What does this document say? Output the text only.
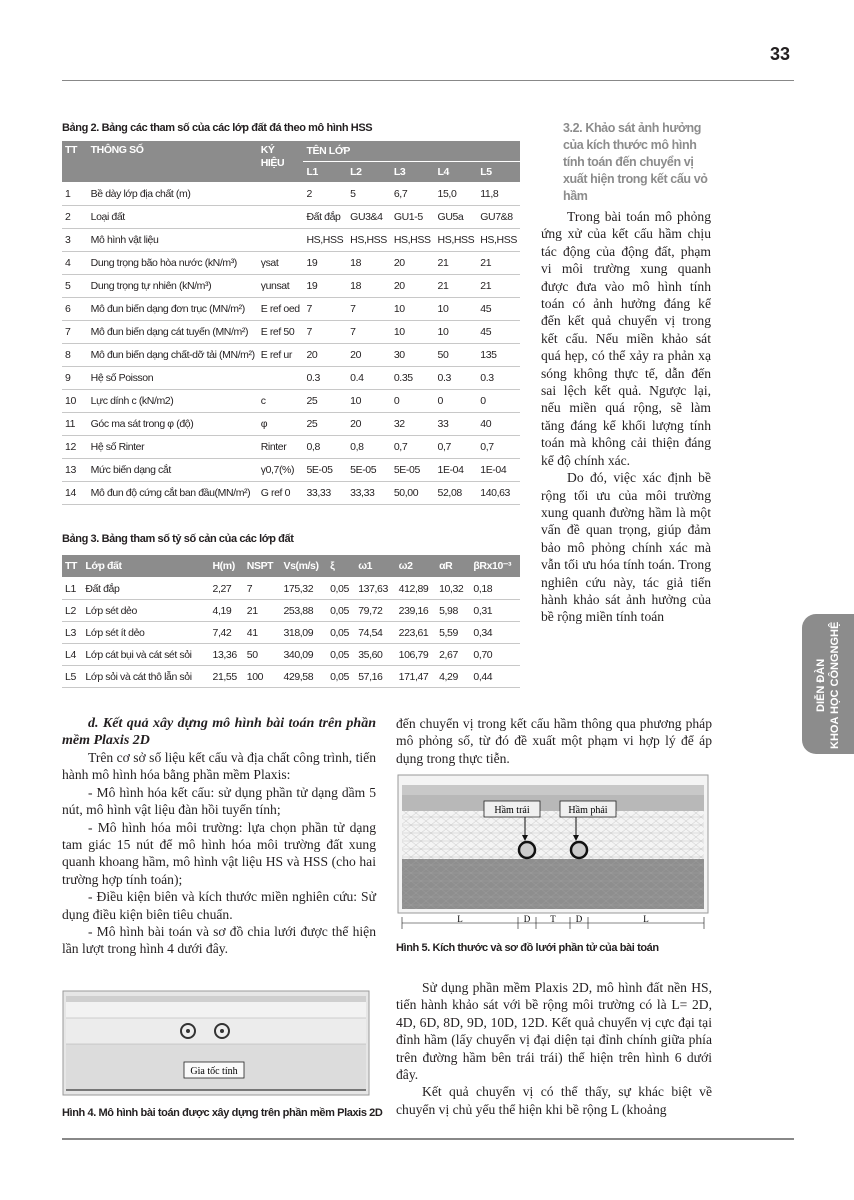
33
Bảng 2. Bảng các tham số của các lớp đất đá theo mô hình HSS
TT	THÔNG SỐ	KÝ HIỆU	TÊN LỚP				
			L1	L2	L3	L4	L5
1	Bề dày lớp địa chất (m)		2	5	6,7	15,0	11,8
2	Loại đất		Đất đắp	GU3&4	GU1-5	GU5a	GU7&8
3	Mô hình vật liệu		HS,HSS	HS,HSS	HS,HSS	HS,HSS	HS,HSS
4	Dung trọng bão hòa nước (kN/m³)	γsat	19	18	20	21	21
5	Dung trọng tự nhiên (kN/m³)	γunsat	19	18	20	21	21
6	Mô đun biến dạng đơn trục (MN/m²)	E ref oed	7	7	10	10	45
7	Mô đun biến dạng cát tuyến (MN/m²)	E ref 50	7	7	10	10	45
8	Mô đun biến dạng chất-dỡ tải (MN/m²)	E ref ur	20	20	30	50	135
9	Hệ số Poisson		0.3	0.4	0.35	0.3	0.3
10	Lực dính c (kN/m2)	c	25	10	0	0	0
11	Góc ma sát trong φ (độ)	φ	25	20	32	33	40
12	Hệ số Rinter	Rinter	0,8	0,8	0,7	0,7	0,7
13	Mức biến dạng cắt	γ0,7(%)	5E-05	5E-05	5E-05	1E-04	1E-04
14	Mô đun độ cứng cắt ban đầu(MN/m²)	G ref 0	33,33	33,33	50,00	52,08	140,63
Bảng 3. Bảng tham số tỷ số cản của các lớp đất
TT	Lớp đất	H(m)	NSPT	Vs(m/s)	ξ	ω1	ω2	αR	βRx10⁻³
L1	Đất đắp	2,27	7	175,32	0,05	137,63	412,89	10,32	0,18
L2	Lớp sét dẻo	4,19	21	253,88	0,05	79,72	239,16	5,98	0,31
L3	Lớp sét ít dẻo	7,42	41	318,09	0,05	74,54	223,61	5,59	0,34
L4	Lớp cát bụi và cát sét sỏi	13,36	50	340,09	0,05	35,60	106,79	2,67	0,70
L5	Lớp sỏi và cát thô lẫn sỏi	21,55	100	429,58	0,05	57,16	171,47	4,29	0,44
3.2. Khảo sát ảnh hưởng của kích thước mô hình tính toán đến chuyển vị xuất hiện trong kết cấu vỏ hầm

Trong bài toán mô phỏng ứng xử của kết cấu hầm chịu tác động của động đất, phạm vi môi trường xung quanh được đưa vào mô hình tính toán có ảnh hưởng đáng kể đến kết quả chuyển vị trong kết cấu. Nếu miền khảo sát quá hẹp, có thể xảy ra phản xạ sóng không thực tế, dẫn đến sai lệch kết quả. Ngược lại, nếu miền quá rộng, sẽ làm tăng đáng kể khối lượng tính toán mà không cải thiện đáng kể độ chính xác.

Do đó, việc xác định bề rộng tối ưu của môi trường xung quanh đường hầm là một vấn đề quan trọng, giúp đảm bảo mô phỏng chính xác mà vẫn tối ưu hóa tính toán. Trong nghiên cứu này, tác giả tiến hành khảo sát ảnh hưởng của bề rộng miền tính toán

đến chuyển vị trong kết cấu hầm thông qua phương pháp mô phỏng số, từ đó đề xuất một phạm vi hợp lý để áp dụng trong thực tiễn.

d. Kết quả xây dựng mô hình bài toán trên phần mềm Plaxis 2D

Trên cơ sở số liệu kết cấu và địa chất công trình, tiến hành mô hình hóa bằng phần mềm Plaxis:

- Mô hình hóa kết cấu: sử dụng phần tử dạng dầm 5 nút, mô hình vật liệu đàn hồi tuyến tính;

- Mô hình hóa môi trường: lựa chọn phần tử dạng tam giác 15 nút để mô hình hóa môi trường đất xung quanh khoang hầm, mô hình vật liệu HS và HSS (cho hai trường hợp tính toán);

- Điều kiện biên và kích thước miền nghiên cứu: Sử dụng điều kiện biên tiêu chuẩn.

- Mô hình bài toán và sơ đồ chia lưới được thể hiện lần lượt trong hình 4 dưới đây.

Hầm trái	Hầm phải
L	D T D	L
Hình 5. Kích thước và sơ đồ lưới phần tử của bài toán

Sử dụng phần mềm Plaxis 2D, mô hình đất nền HS, tiến hành khảo sát với bề rộng môi trường có là L= 2D, 4D, 6D, 8D, 9D, 10D, 12D. Kết quả chuyển vị cực đại tại đỉnh hầm (lấy chuyển vị đại diện tại đỉnh chính giữa phía trên đường hầm bên trái trái) thể hiện trên hình 6 dưới đây.

Kết quả chuyển vị có thể thấy, sự khác biệt về chuyển vị chủ yếu thể hiện khi bề rộng L (khoảng

Gia tốc tính
Hình 4. Mô hình bài toán được xây dựng trên phần mềm Plaxis 2D
DIỄN ĐÀN KHOA HỌC CÔNGNGHỆ
